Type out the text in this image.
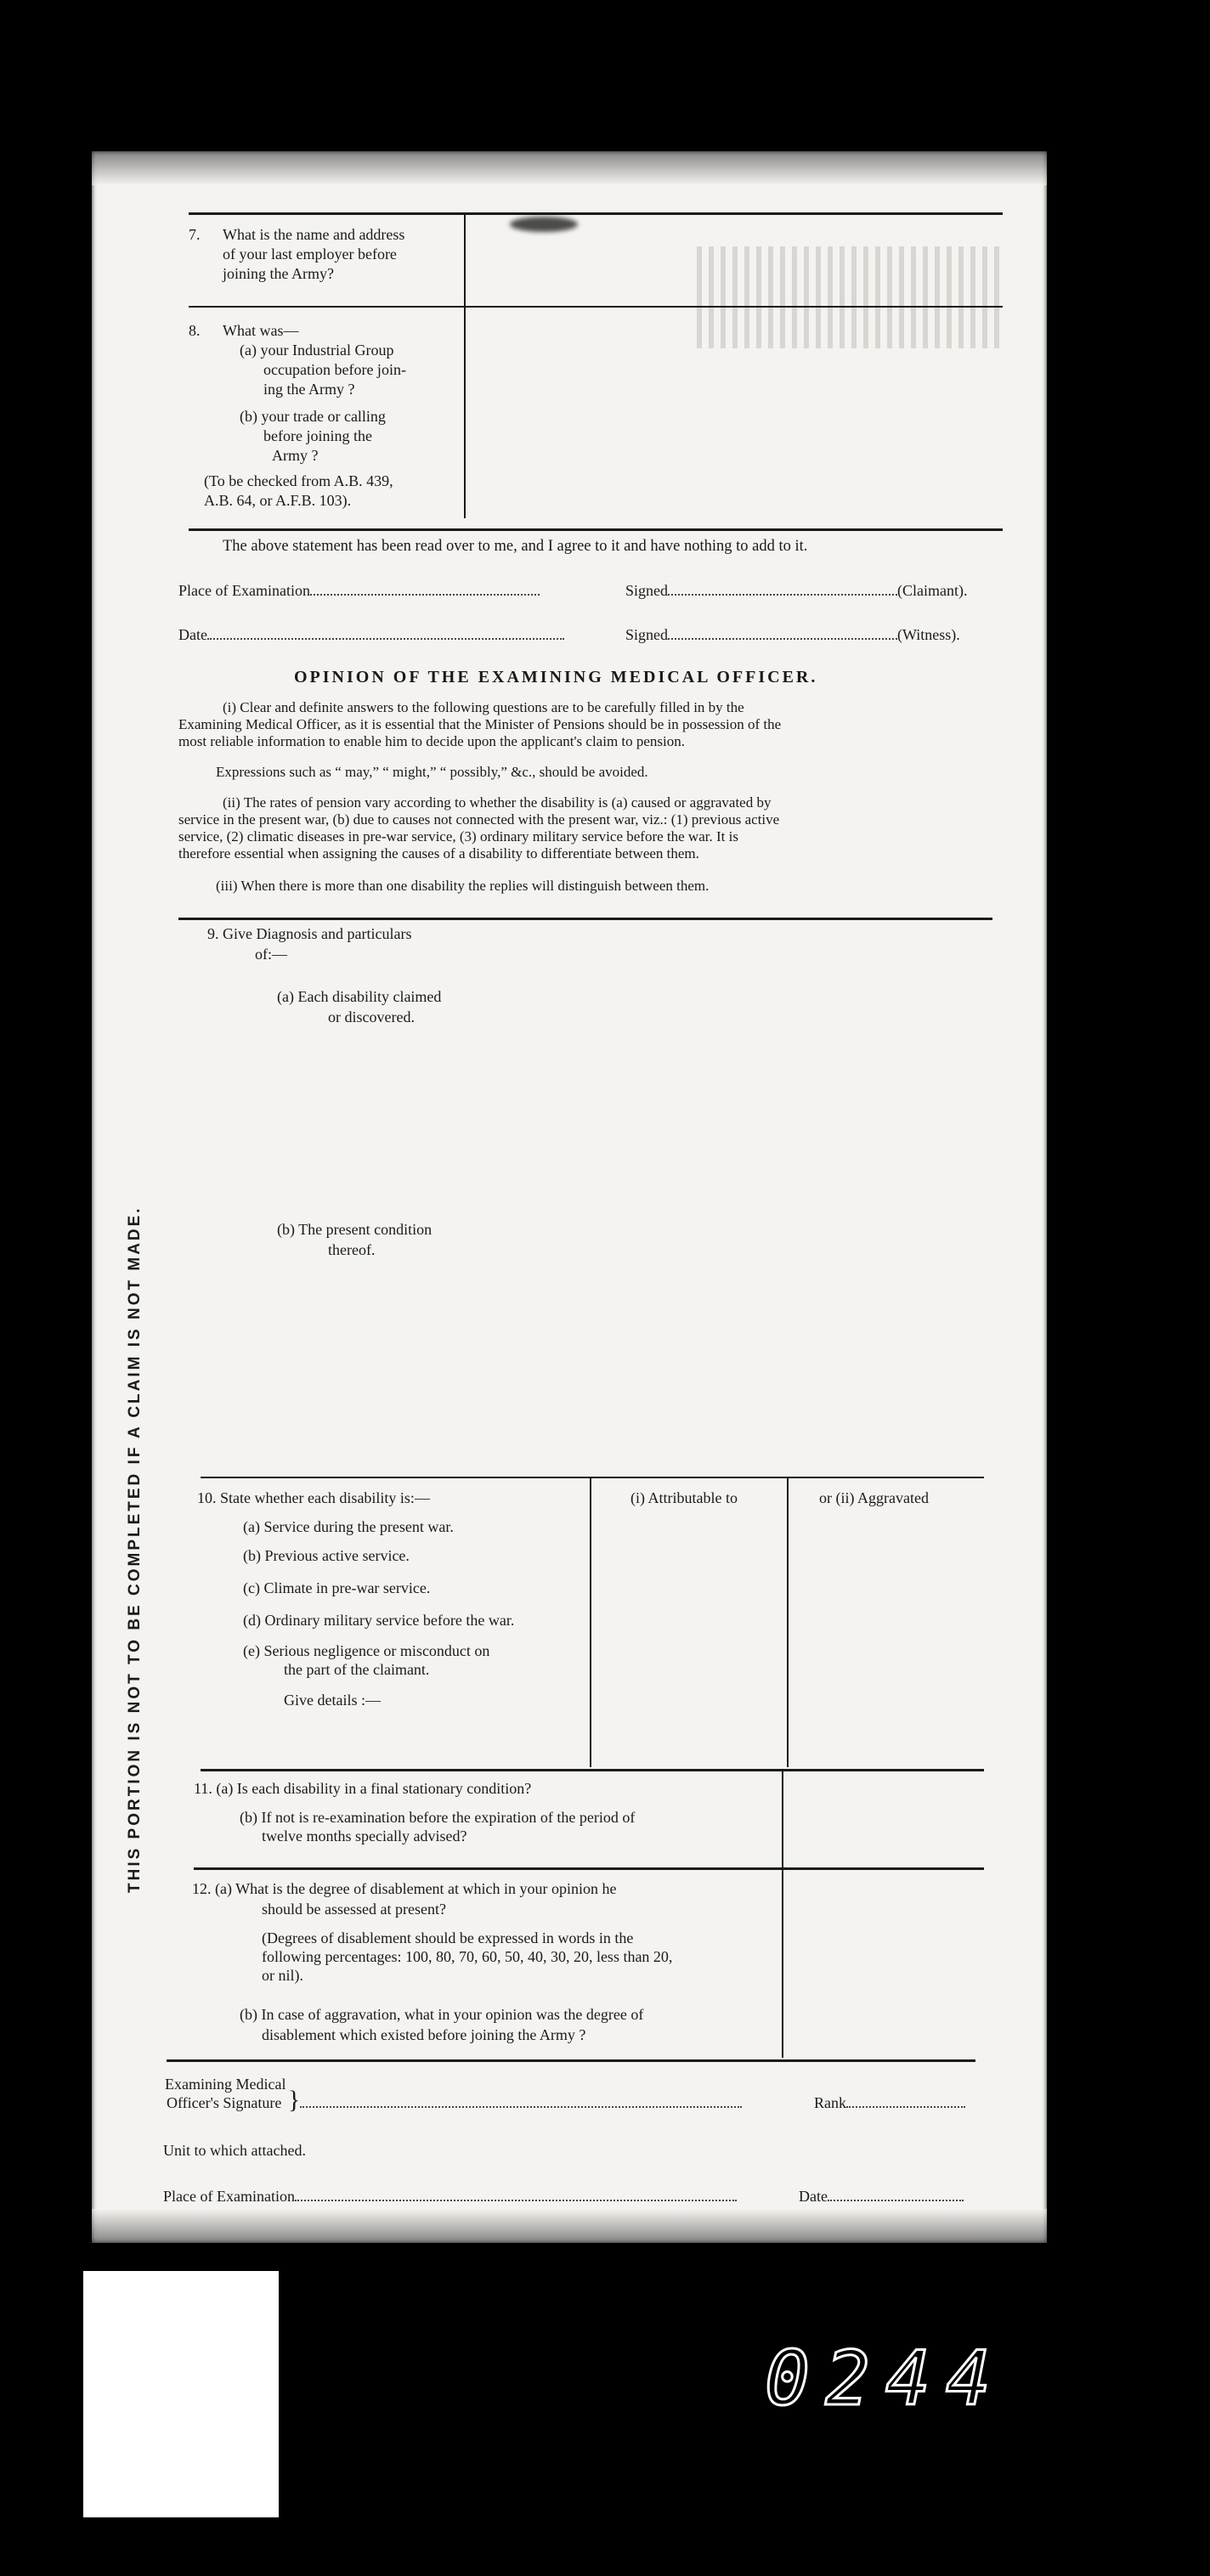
7. What is the name and address
of your last employer before
joining the Army?
8. What was—
(a) your Industrial Group
occupation before join-
ing the Army ?
(b) your trade or calling
before joining the
Army ?
(To be checked from A.B. 439,
A.B. 64, or A.F.B. 103).
The above statement has been read over to me, and I agree to it and have nothing to add to it.
Place of Examination	Signed	(Claimant).
Date	Signed	(Witness).
OPINION OF THE EXAMINING MEDICAL OFFICER.
(i) Clear and definite answers to the following questions are to be carefully filled in by the
Examining Medical Officer, as it is essential that the Minister of Pensions should be in possession of the
most reliable information to enable him to decide upon the applicant's claim to pension.
Expressions such as “ may,” “ might,” “ possibly,” &c., should be avoided.
(ii) The rates of pension vary according to whether the disability is (a) caused or aggravated by
service in the present war, (b) due to causes not connected with the present war, viz.: (1) previous active
service, (2) climatic diseases in pre-war service, (3) ordinary military service before the war. It is
therefore essential when assigning the causes of a disability to differentiate between them.
(iii) When there is more than one disability the replies will distinguish between them.
9. Give Diagnosis and particulars
of:—
(a) Each disability claimed
or discovered.
(b) The present condition
thereof.
THIS PORTION IS NOT TO BE COMPLETED IF A CLAIM IS NOT MADE.	10. State whether each disability is:—	(i) Attributable to	or (ii) Aggravated
(a) Service during the present war.
(b) Previous active service.
(c) Climate in pre-war service.
(d) Ordinary military service before the war.
(e) Serious negligence or misconduct on
the part of the claimant.
Give details :—
11. (a) Is each disability in a final stationary condition?
(b) If not is re-examination before the expiration of the period of
twelve months specially advised?
12. (a) What is the degree of disablement at which in your opinion he
should be assessed at present?
(Degrees of disablement should be expressed in words in the
following percentages: 100, 80, 70, 60, 50, 40, 30, 20, less than 20,
or nil).
(b) In case of aggravation, what in your opinion was the degree of
disablement which existed before joining the Army ?
Examining Medical
Officer's Signature }	Rank
Unit to which attached.
Place of Examination	Date
0244
